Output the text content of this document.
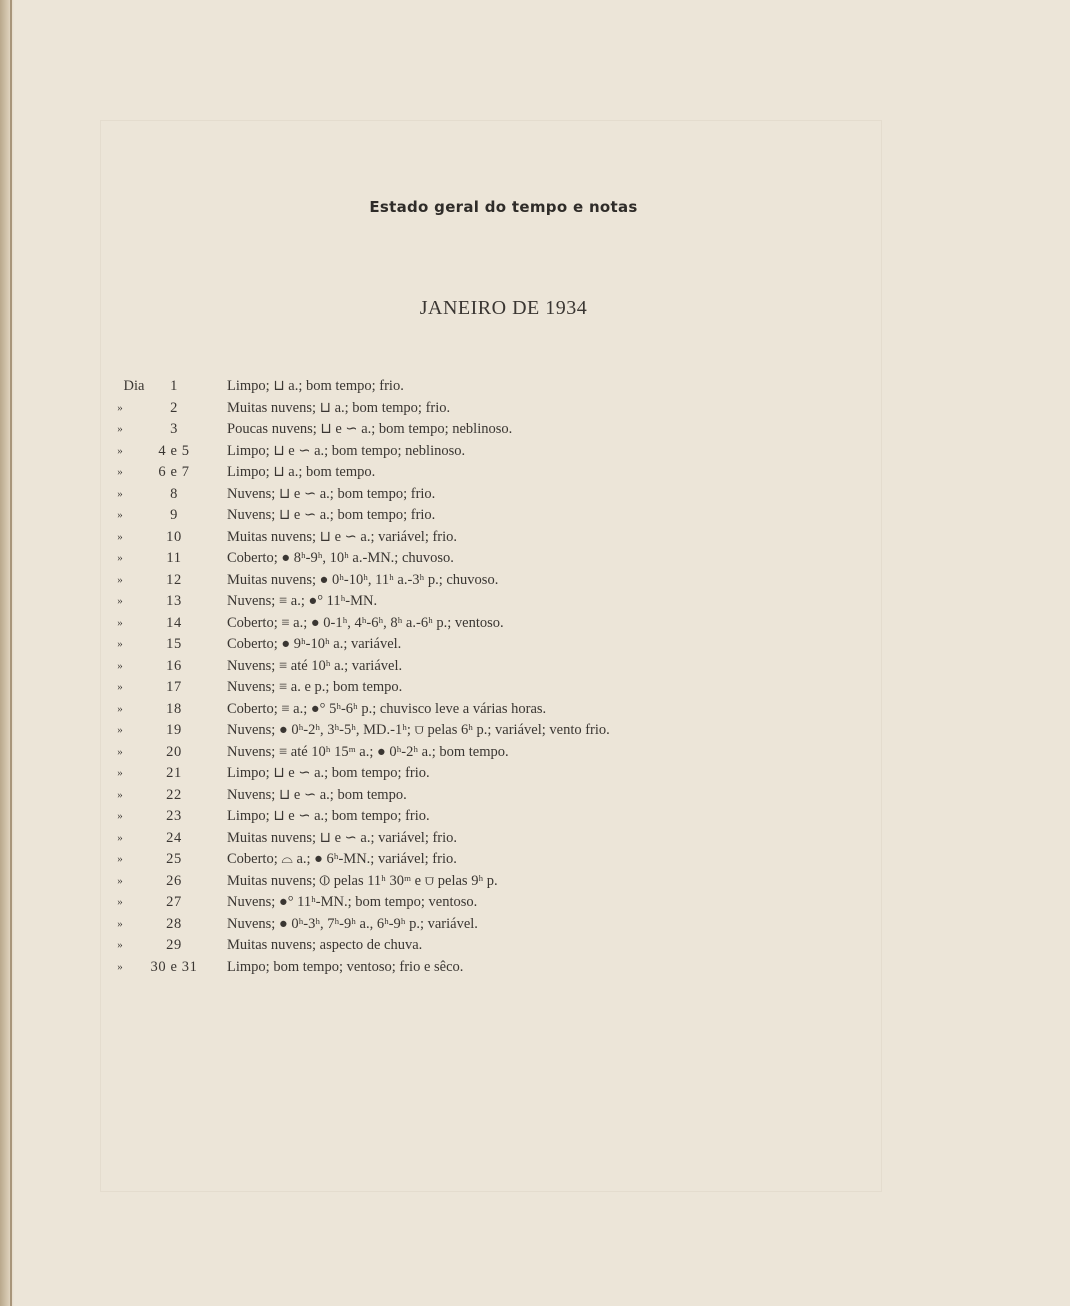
Estado geral do tempo e notas
JANEIRO DE 1934
Dia	1	Limpo; ⊔ a.; bom tempo; frio.
»	2	Muitas nuvens; ⊔ a.; bom tempo; frio.
»	3	Poucas nuvens; ⊔ e ∽ a.; bom tempo; neblinoso.
»	4 e 5	Limpo; ⊔ e ∽ a.; bom tempo; neblinoso.
»	6 e 7	Limpo; ⊔ a.; bom tempo.
»	8	Nuvens; ⊔ e ∽ a.; bom tempo; frio.
»	9	Nuvens; ⊔ e ∽ a.; bom tempo; frio.
»	10	Muitas nuvens; ⊔ e ∽ a.; variável; frio.
»	11	Coberto; ● 8ʰ-9ʰ, 10ʰ a.-MN.; chuvoso.
»	12	Muitas nuvens; ● 0ʰ-10ʰ, 11ʰ a.-3ʰ p.; chuvoso.
»	13	Nuvens; ≡ a.; ●° 11ʰ-MN.
»	14	Coberto; ≡ a.; ● 0-1ʰ, 4ʰ-6ʰ, 8ʰ a.-6ʰ p.; ventoso.
»	15	Coberto; ● 9ʰ-10ʰ a.; variável.
»	16	Nuvens; ≡ até 10ʰ a.; variável.
»	17	Nuvens; ≡ a. e p.; bom tempo.
»	18	Coberto; ≡ a.; ●° 5ʰ-6ʰ p.; chuvisco leve a várias horas.
»	19	Nuvens; ● 0ʰ-2ʰ, 3ʰ-5ʰ, MD.-1ʰ; ⩌ pelas 6ʰ p.; variável; vento frio.
»	20	Nuvens; ≡ até 10ʰ 15ᵐ a.; ● 0ʰ-2ʰ a.; bom tempo.
»	21	Limpo; ⊔ e ∽ a.; bom tempo; frio.
»	22	Nuvens; ⊔ e ∽ a.; bom tempo.
»	23	Limpo; ⊔ e ∽ a.; bom tempo; frio.
»	24	Muitas nuvens; ⊔ e ∽ a.; variável; frio.
»	25	Coberto; ⌓ a.; ● 6ʰ-MN.; variável; frio.
»	26	Muitas nuvens; ⦶ pelas 11ʰ 30ᵐ e ⩌ pelas 9ʰ p.
»	27	Nuvens; ●° 11ʰ-MN.; bom tempo; ventoso.
»	28	Nuvens; ● 0ʰ-3ʰ, 7ʰ-9ʰ a., 6ʰ-9ʰ p.; variável.
»	29	Muitas nuvens; aspecto de chuva.
»	30 e 31	Limpo; bom tempo; ventoso; frio e sêco.
